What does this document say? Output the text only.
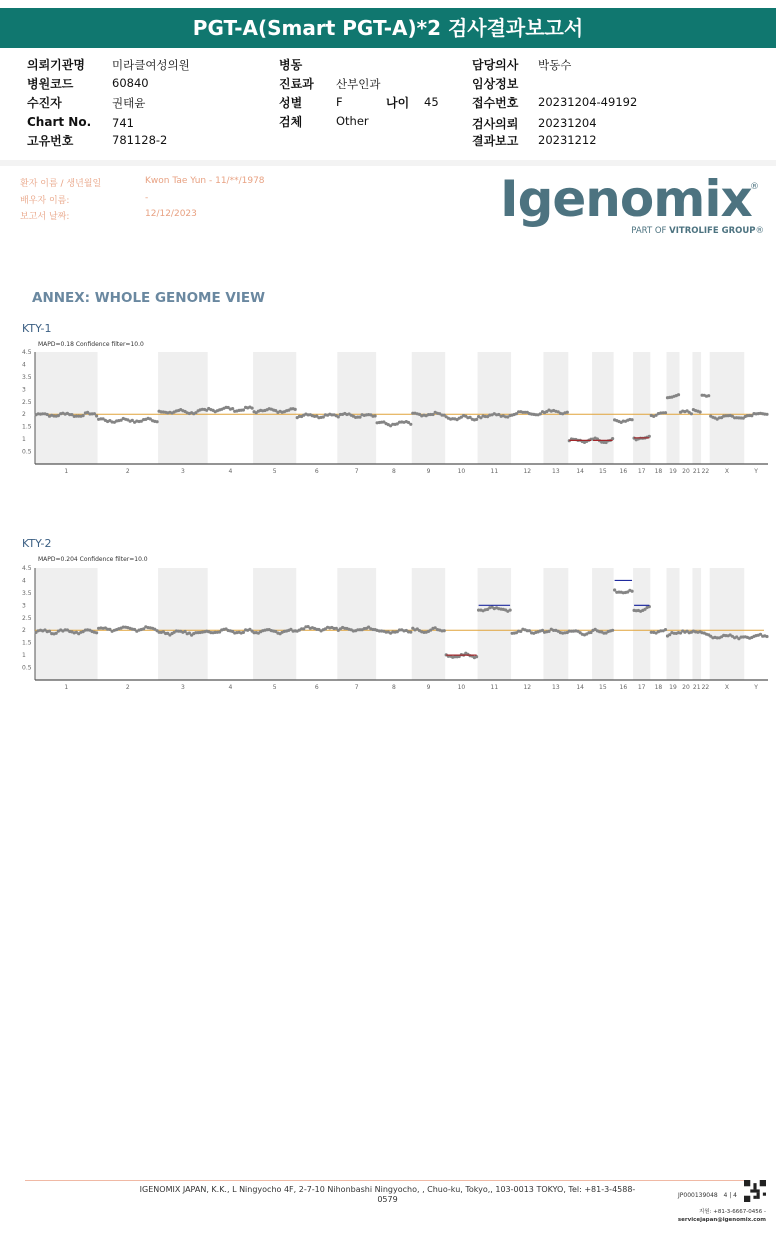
PGT-A(Smart PGT-A)*2 검사결과보고서
의뢰기관명 미라클여성의원
병원코드	60840
수진자	권태윤
Chart No. 741
고유번호	781128-2
병동
진료과 산부인과
성별	F	나이 45
검체	Other
담당의사 박동수
임상정보
접수번호 20231204-49192
검사의뢰 20231204
결과보고 20231212
환자 이름 / 생년월일	Kwon Tae Yun - 11/**/1978
배우자 이름:	-
보고서 날짜:	12/12/2023	Igenomix
®
PART OF VITROLIFE GROUP®
ANNEX: WHOLE GENOME VIEW
KTY-1
MAPD=0.18 Confidence filter=10.0
0.5
1
1.5
2
2.5
3
3.5
4
4.5
1	2	3	4	5	6	7	8	9	10	11	12	13	14	15 16 17 18 19 20 21 22	X	Y
KTY-2
MAPD=0.204 Confidence filter=10.0
0.5
1
1.5
2
2.5
3
3.5
4
4.5
1	2	3	4	5	6	7	8	9	10	11	12	13	14	15 16 17 18 19 20 21 22	X	Y
IGENOMIX JAPAN, K.K., L Ningyocho 4F, 2-7-10 Nihonbashi Ningyocho, , Chuo-ku, Tokyo,, 103-0013 TOKYO, Tel: +81-3-4588-0579	JP000139048 4 | 4
지원: +81-3-6667-0456 -
servicejapan@igenomix.com
